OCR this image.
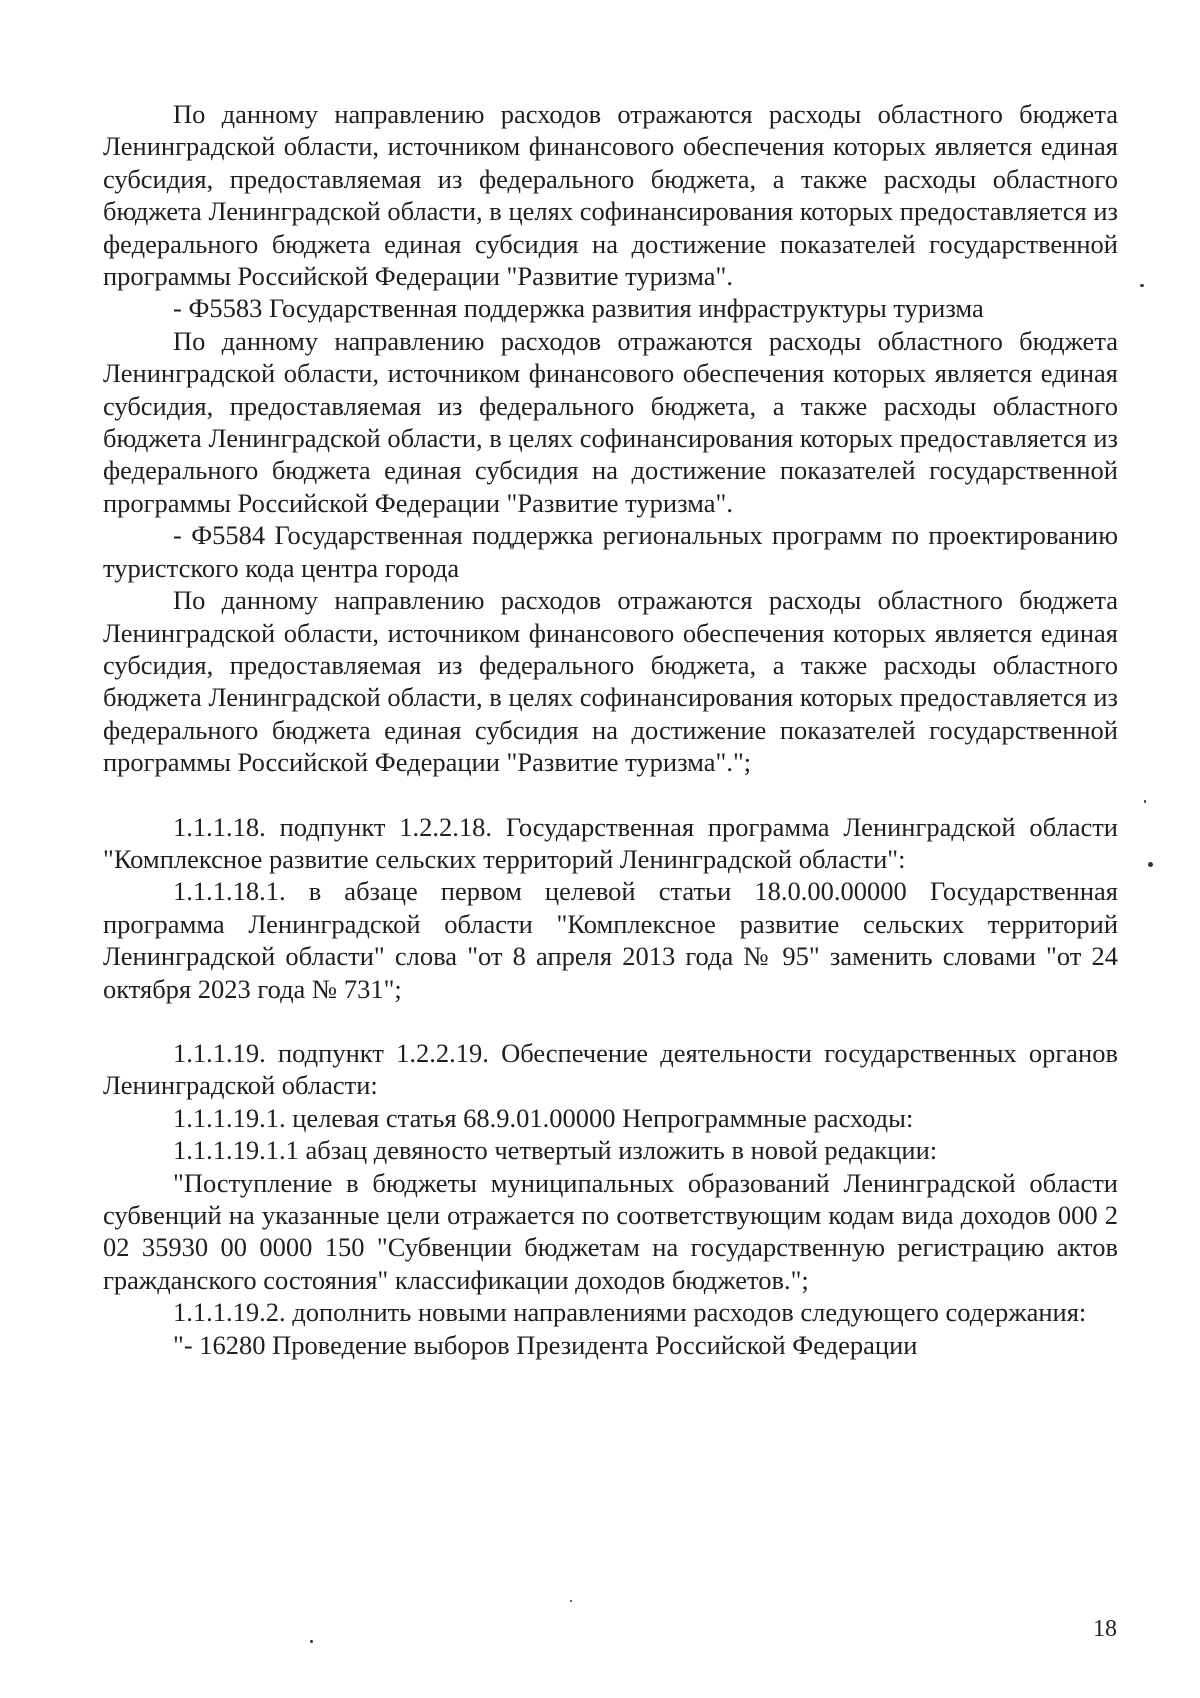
По данному направлению расходов отражаются расходы областного бюджета Ленинградской области, источником финансового обеспечения которых является единая субсидия, предоставляемая из федерального бюджета, а также расходы областного бюджета Ленинградской области, в целях софинансирования которых предоставляется из федерального бюджета единая субсидия на достижение показателей государственной программы Российской Федерации "Развитие туризма".

- Ф5583 Государственная поддержка развития инфраструктуры туризма

По данному направлению расходов отражаются расходы областного бюджета Ленинградской области, источником финансового обеспечения которых является единая субсидия, предоставляемая из федерального бюджета, а также расходы областного бюджета Ленинградской области, в целях софинансирования которых предоставляется из федерального бюджета единая субсидия на достижение показателей государственной программы Российской Федерации "Развитие туризма".

- Ф5584 Государственная поддержка региональных программ по проектированию туристского кода центра города

По данному направлению расходов отражаются расходы областного бюджета Ленинградской области, источником финансового обеспечения которых является единая субсидия, предоставляемая из федерального бюджета, а также расходы областного бюджета Ленинградской области, в целях софинансирования которых предоставляется из федерального бюджета единая субсидия на достижение показателей государственной программы Российской Федерации "Развитие туризма".";

1.1.1.18. подпункт 1.2.2.18. Государственная программа Ленинградской области "Комплексное развитие сельских территорий Ленинградской области":

1.1.1.18.1. в абзаце первом целевой статьи 18.0.00.00000 Государственная программа Ленинградской области "Комплексное развитие сельских территорий Ленинградской области" слова "от 8 апреля 2013 года № 95" заменить словами "от 24 октября 2023 года № 731";

1.1.1.19. подпункт 1.2.2.19. Обеспечение деятельности государственных органов Ленинградской области:

1.1.1.19.1. целевая статья 68.9.01.00000 Непрограммные расходы:

1.1.1.19.1.1 абзац девяносто четвертый изложить в новой редакции:

"Поступление в бюджеты муниципальных образований Ленинградской области субвенций на указанные цели отражается по соответствующим кодам вида доходов 000 2 02 35930 00 0000 150 "Субвенции бюджетам на государственную регистрацию актов гражданского состояния" классификации доходов бюджетов.";

1.1.1.19.2. дополнить новыми направлениями расходов следующего содержания:

"- 16280 Проведение выборов Президента Российской Федерации

18
